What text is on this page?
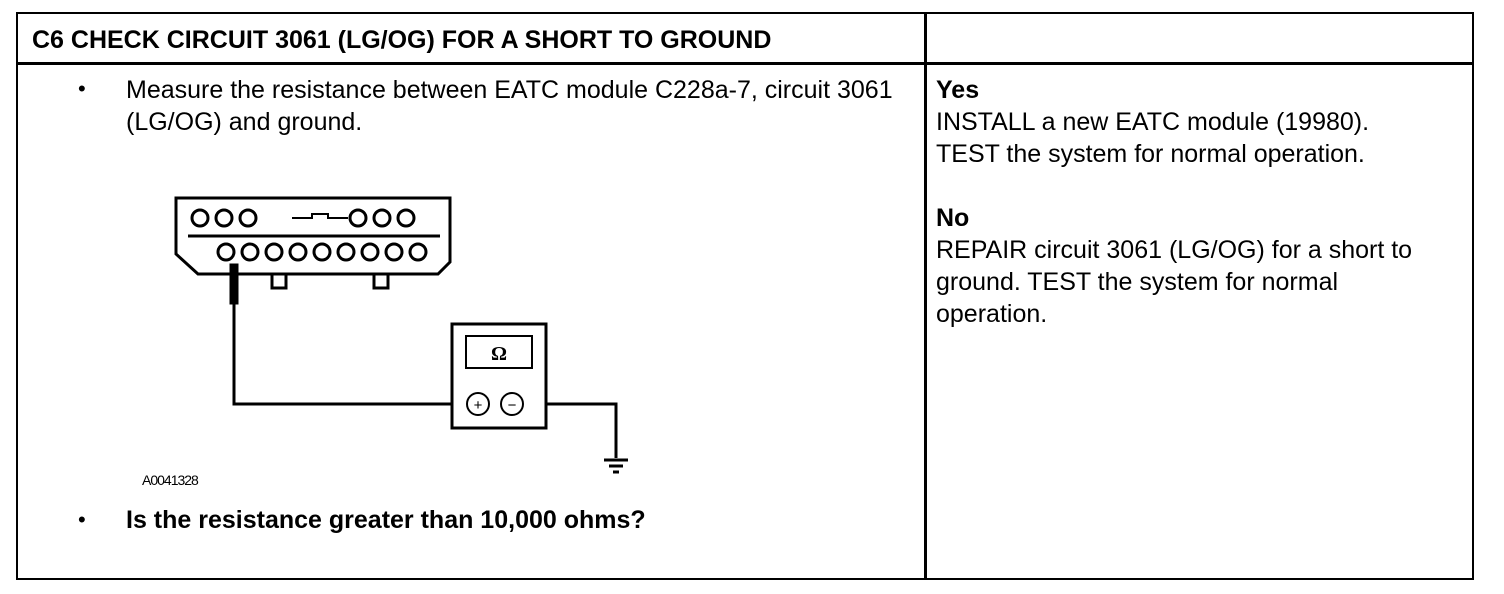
C6 CHECK CIRCUIT 3061 (LG/OG) FOR A SHORT TO GROUND
• Measure the resistance between EATC module C228a-7, circuit 3061 (LG/OG) and ground.
Ω
+ −
A0041328
• Is the resistance greater than 10,000 ohms?
Yes
INSTALL a new EATC module (19980).
TEST the system for normal operation.
No
REPAIR circuit 3061 (LG/OG) for a short to
ground. TEST the system for normal
operation.
